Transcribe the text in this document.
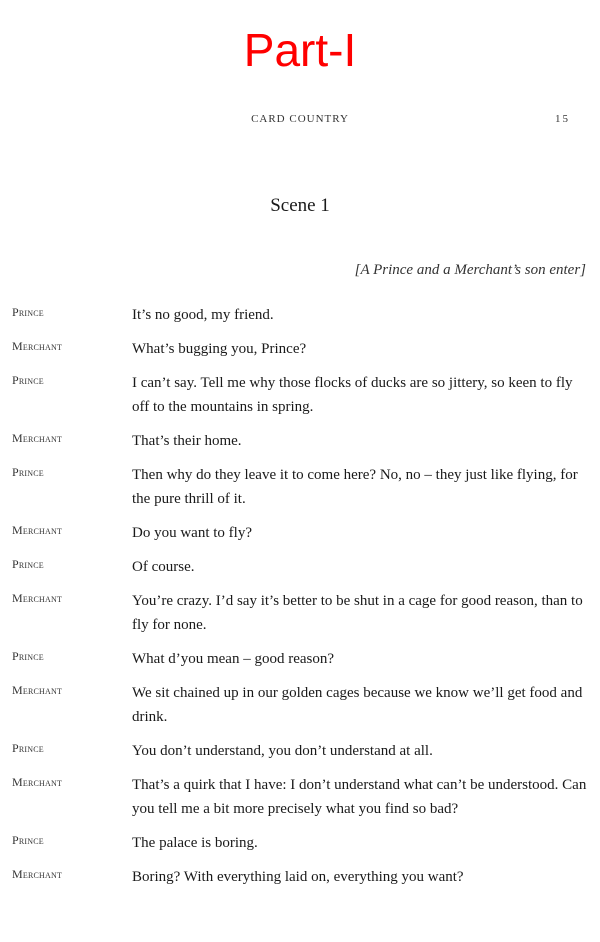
Part-I
CARD COUNTRY	15
Scene 1
[A Prince and a Merchant’s son enter]
Prince	It’s no good, my friend.
Merchant	What’s bugging you, Prince?
Prince	I can’t say. Tell me why those flocks of ducks are so jittery, so keen to fly off to the mountains in spring.
Merchant	That’s their home.
Prince	Then why do they leave it to come here? No, no – they just like flying, for the pure thrill of it.
Merchant	Do you want to fly?
Prince	Of course.
Merchant	You’re crazy. I’d say it’s better to be shut in a cage for good reason, than to fly for none.
Prince	What d’you mean – good reason?
Merchant	We sit chained up in our golden cages because we know we’ll get food and drink.
Prince	You don’t understand, you don’t understand at all.
Merchant	That’s a quirk that I have: I don’t understand what can’t be understood. Can you tell me a bit more precisely what you find so bad?
Prince	The palace is boring.
Merchant	Boring? With everything laid on, everything you want?
